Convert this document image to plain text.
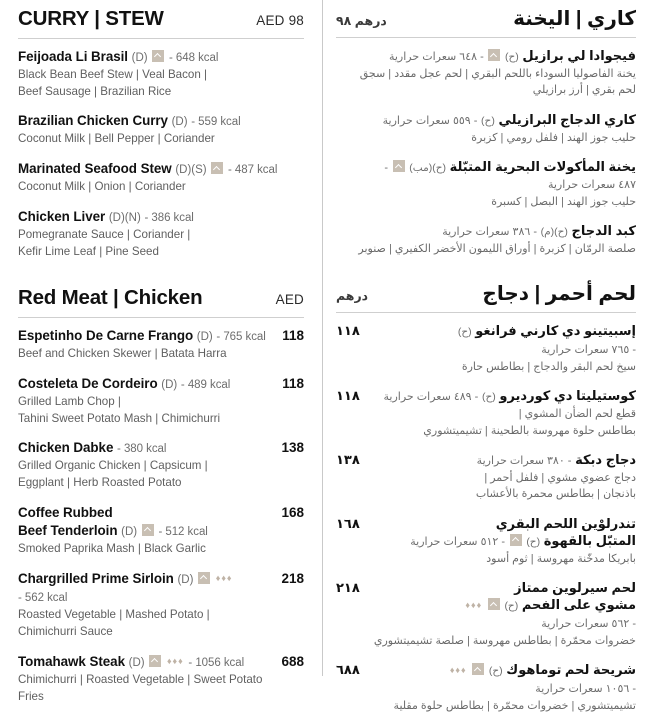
CURRY | STEW	AED 98
Feijoada Li Brasil (D) - 648 kcal
Black Bean Beef Stew | Veal Bacon |
Beef Sausage | Brazilian Rice
Brazilian Chicken Curry (D) - 559 kcal
Coconut Milk | Bell Pepper | Coriander
Marinated Seafood Stew (D)(S) - 487 kcal
Coconut Milk | Onion | Coriander
Chicken Liver (D)(N) - 386 kcal
Pomegranate Sauce | Coriander |
Kefir Lime Leaf | Pine Seed
Red Meat | Chicken	AED
Espetinho De Carne Frango (D) - 765 kcal
Beef and Chicken Skewer | Batata Harra
118
Costeleta De Cordeiro (D) - 489 kcal
Grilled Lamb Chop |
Tahini Sweet Potato Mash | Chimichurri
118
Chicken Dabke - 380 kcal
Grilled Organic Chicken | Capsicum |
Eggplant | Herb Roasted Potato
138
Coffee Rubbed
Beef Tenderloin (D) - 512 kcal
Smoked Paprika Mash | Black Garlic
168
Chargrilled Prime Sirloin (D) ♦♦♦ - 562 kcal
Roasted Vegetable | Mashed Potato |
Chimichurri Sauce
218
Tomahawk Steak (D) ♦♦♦ - 1056 kcal
Chimichurri | Roasted Vegetable | Sweet Potato Fries
688
كاري | اليخنة
درهم ٩٨
فيجوادا لي برازيل (ح)  - ٦٤٨ سعرات حرارية
يخنة الفاصوليا السوداء باللحم البقري | لحم عجل مقدد | سجق
لحم بقري | أرز برازيلي
كاري الدجاج البرازيلي (ح) - ٥٥٩ سعرات حرارية
حليب جوز الهند | فلفل رومي | كزبرة
يخنة المأكولات البحرية المتبّلة (ح)(مب)  -
٤٨٧ سعرات حرارية
حليب جوز الهند | البصل | كسبرة
كبد الدجاج (ح)(م) - ٣٨٦ سعرات حرارية
صلصة الرمّان | كزبرة | أوراق الليمون الأخضر الكفيري | صنوبر
لحم أحمر | دجاج
درهم
إسبيتينو دي كارني فرانغو (ح) - ٧٦٥ سعرات حرارية
سيخ لحم البقر والدجاج | بطاطس حارة
١١٨
كوستيليتا دي كورديرو (ح) - ٤٨٩ سعرات حرارية
قطع لحم الضأن المشوي |
بطاطس حلوة مهروسة بالطحينة | تشيميتشوري
١١٨
دجاج دبكة - ٣٨٠ سعرات حرارية
دجاج عضوي مشوي | فلفل أحمر |
باذنجان | بطاطس محمرة بالأعشاب
١٣٨
تندرلوْين اللحم البقري
المتبّل بالقهوة (ح)  - ٥١٢ سعرات حرارية
بابريكا مدخّنة مهروسة | ثوم أسود
١٦٨
لحم سيرلوين ممتاز
مشوي على الفحم (ح)  ♦♦♦ - ٥٦٢ سعرات حرارية
خضروات محمّرة | بطاطس مهروسة | صلصة تشيميتشوري
٢١٨
شريحة لحم توماهوك (ح)  ♦♦♦ - ١٠٥٦ سعرات حرارية
تشيميتشوري | خضروات محمّرة | بطاطس حلوة مقلية
٦٨٨
